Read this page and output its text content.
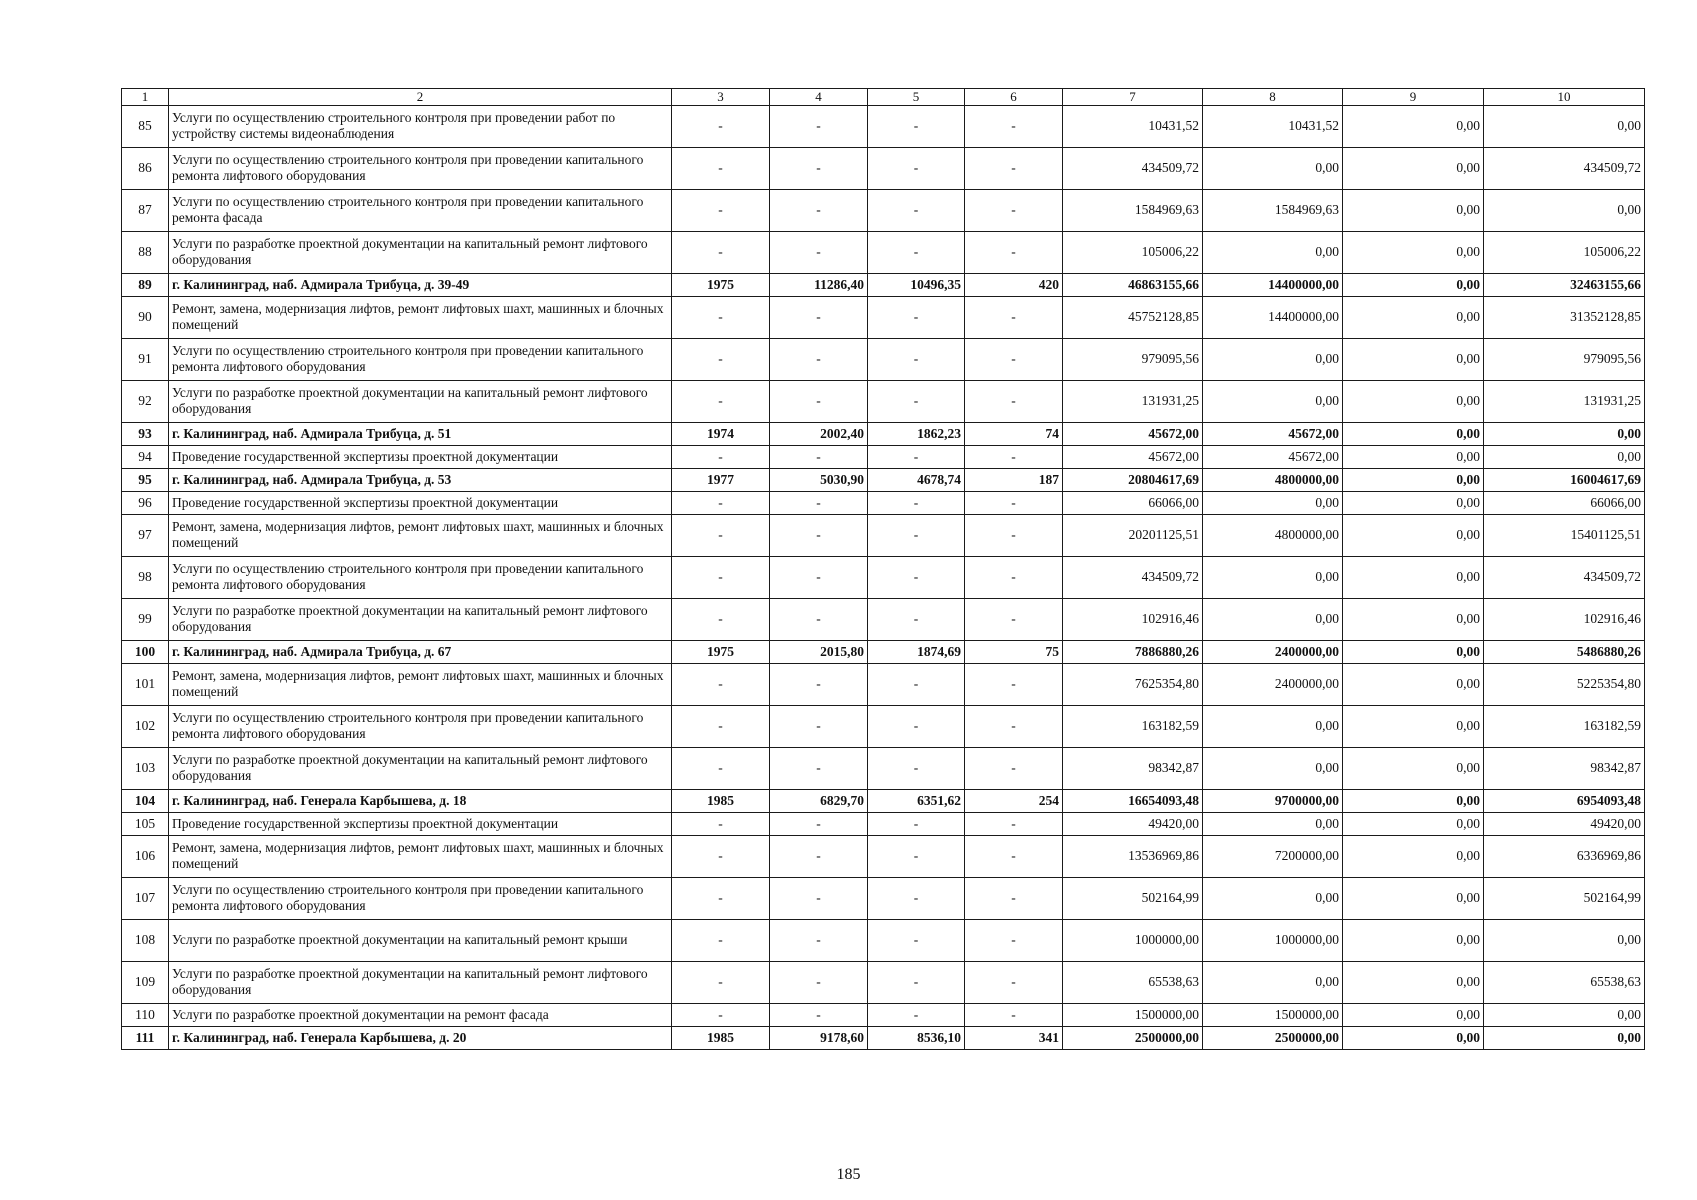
1	2	3	4	5	6	7	8	9	10
85	Услуги по осуществлению строительного контроля при проведении работ по устройству системы видеонаблюдения	-	-	-	-	10431,52	10431,52	0,00	0,00
86	Услуги по осуществлению строительного контроля при проведении капитального ремонта лифтового оборудования	-	-	-	-	434509,72	0,00	0,00	434509,72
87	Услуги по осуществлению строительного контроля при проведении капитального ремонта фасада	-	-	-	-	1584969,63	1584969,63	0,00	0,00
88	Услуги по разработке проектной документации на капитальный ремонт лифтового оборудования	-	-	-	-	105006,22	0,00	0,00	105006,22
89	г. Калининград, наб. Адмирала Трибуца, д. 39-49	1975	11286,40	10496,35	420	46863155,66	14400000,00	0,00	32463155,66
90	Ремонт, замена, модернизация лифтов, ремонт лифтовых шахт, машинных и блочных помещений	-	-	-	-	45752128,85	14400000,00	0,00	31352128,85
91	Услуги по осуществлению строительного контроля при проведении капитального ремонта лифтового оборудования	-	-	-	-	979095,56	0,00	0,00	979095,56
92	Услуги по разработке проектной документации на капитальный ремонт лифтового оборудования	-	-	-	-	131931,25	0,00	0,00	131931,25
93	г. Калининград, наб. Адмирала Трибуца, д. 51	1974	2002,40	1862,23	74	45672,00	45672,00	0,00	0,00
94	Проведение государственной экспертизы проектной документации	-	-	-	-	45672,00	45672,00	0,00	0,00
95	г. Калининград, наб. Адмирала Трибуца, д. 53	1977	5030,90	4678,74	187	20804617,69	4800000,00	0,00	16004617,69
96	Проведение государственной экспертизы проектной документации	-	-	-	-	66066,00	0,00	0,00	66066,00
97	Ремонт, замена, модернизация лифтов, ремонт лифтовых шахт, машинных и блочных помещений	-	-	-	-	20201125,51	4800000,00	0,00	15401125,51
98	Услуги по осуществлению строительного контроля при проведении капитального ремонта лифтового оборудования	-	-	-	-	434509,72	0,00	0,00	434509,72
99	Услуги по разработке проектной документации на капитальный ремонт лифтового оборудования	-	-	-	-	102916,46	0,00	0,00	102916,46
100	г. Калининград, наб. Адмирала Трибуца, д. 67	1975	2015,80	1874,69	75	7886880,26	2400000,00	0,00	5486880,26
101	Ремонт, замена, модернизация лифтов, ремонт лифтовых шахт, машинных и блочных помещений	-	-	-	-	7625354,80	2400000,00	0,00	5225354,80
102	Услуги по осуществлению строительного контроля при проведении капитального ремонта лифтового оборудования	-	-	-	-	163182,59	0,00	0,00	163182,59
103	Услуги по разработке проектной документации на капитальный ремонт лифтового оборудования	-	-	-	-	98342,87	0,00	0,00	98342,87
104	г. Калининград, наб. Генерала Карбышева, д. 18	1985	6829,70	6351,62	254	16654093,48	9700000,00	0,00	6954093,48
105	Проведение государственной экспертизы проектной документации	-	-	-	-	49420,00	0,00	0,00	49420,00
106	Ремонт, замена, модернизация лифтов, ремонт лифтовых шахт, машинных и блочных помещений	-	-	-	-	13536969,86	7200000,00	0,00	6336969,86
107	Услуги по осуществлению строительного контроля при проведении капитального ремонта лифтового оборудования	-	-	-	-	502164,99	0,00	0,00	502164,99
108	Услуги по разработке проектной документации на капитальный ремонт крыши	-	-	-	-	1000000,00	1000000,00	0,00	0,00
109	Услуги по разработке проектной документации на капитальный ремонт лифтового оборудования	-	-	-	-	65538,63	0,00	0,00	65538,63
110	Услуги по разработке проектной документации на ремонт фасада	-	-	-	-	1500000,00	1500000,00	0,00	0,00
111	г. Калининград, наб. Генерала Карбышева, д. 20	1985	9178,60	8536,10	341	2500000,00	2500000,00	0,00	0,00
185
